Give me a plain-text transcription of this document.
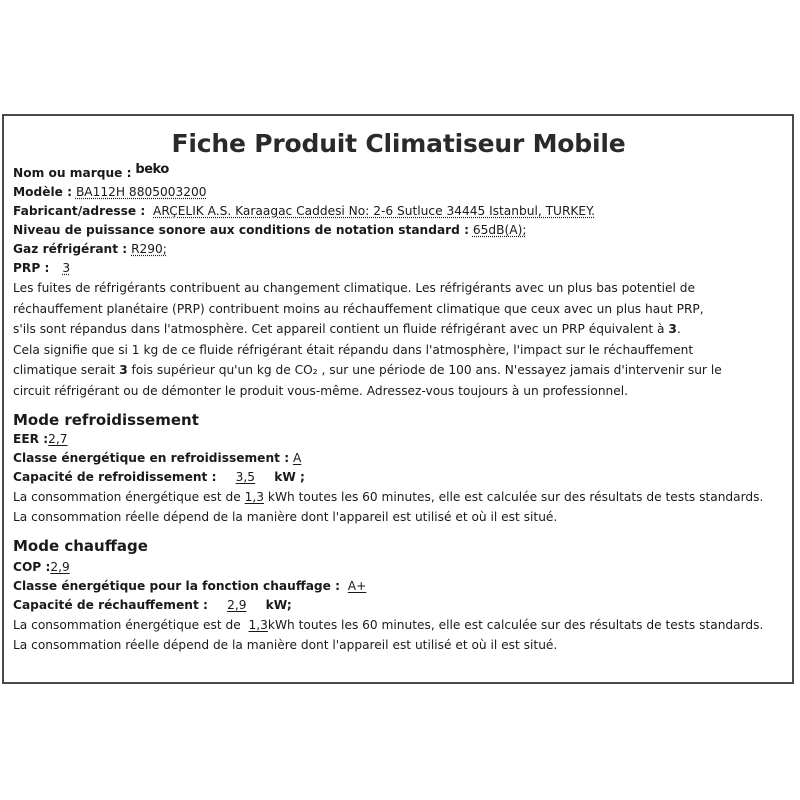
Fiche Produit Climatiseur Mobile
Nom ou marque : beko
Modèle : BA112H 8805003200
Fabricant/adresse : ARÇELIK A.S. Karaagac Caddesi No: 2-6 Sutluce 34445 Istanbul, TURKEY.
Niveau de puissance sonore aux conditions de notation standard : 65dB(A);
Gaz réfrigérant : R290;
PRP : 3
Les fuites de réfrigérants contribuent au changement climatique. Les réfrigérants avec un plus bas potentiel de
réchauffement planétaire (PRP) contribuent moins au réchauffement climatique que ceux avec un plus haut PRP,
s'ils sont répandus dans l'atmosphère. Cet appareil contient un fluide réfrigérant avec un PRP équivalent à 3.
Cela signifie que si 1 kg de ce fluide réfrigérant était répandu dans l'atmosphère, l'impact sur le réchauffement
climatique serait 3 fois supérieur qu'un kg de CO₂ , sur une période de 100 ans. N'essayez jamais d'intervenir sur le
circuit réfrigérant ou de démonter le produit vous-même. Adressez-vous toujours à un professionnel.
Mode refroidissement
EER :2,7
Classe énergétique en refroidissement : A
Capacité de refroidissement : 3,5 kW ;
La consommation énergétique est de 1,3 kWh toutes les 60 minutes, elle est calculée sur des résultats de tests standards.
La consommation réelle dépend de la manière dont l'appareil est utilisé et où il est situé.
Mode chauffage
COP :2,9
Classe énergétique pour la fonction chauffage : A+
Capacité de réchauffement : 2,9 kW;
La consommation énergétique est de  1,3kWh toutes les 60 minutes, elle est calculée sur des résultats de tests standards.
La consommation réelle dépend de la manière dont l'appareil est utilisé et où il est situé.
